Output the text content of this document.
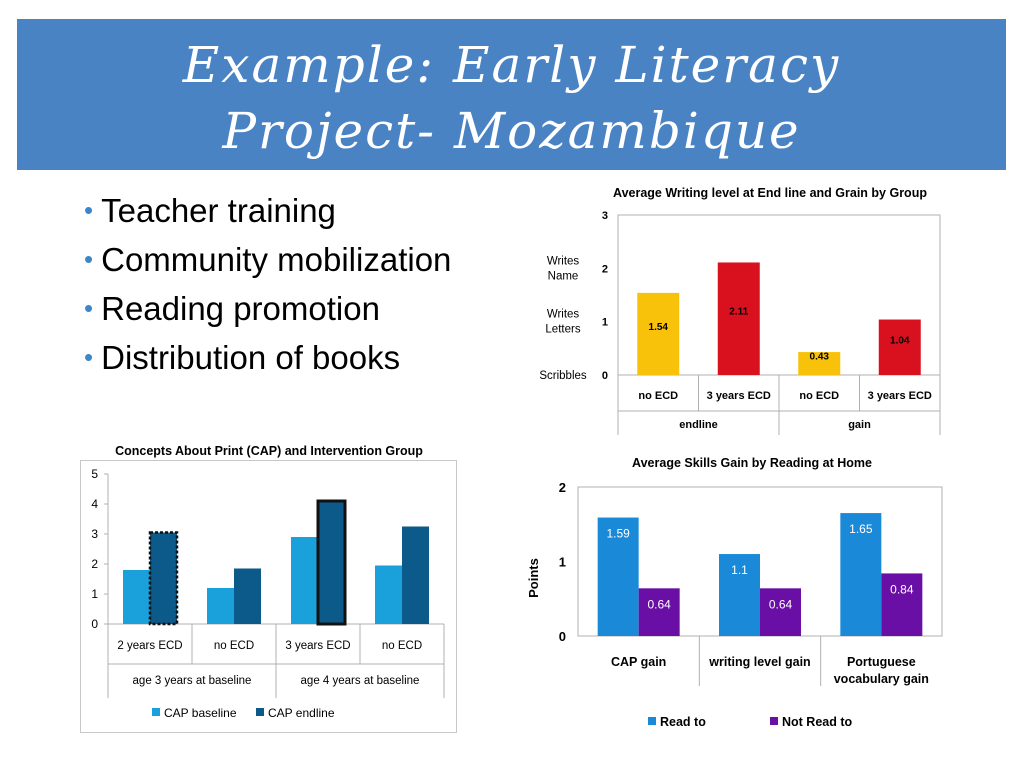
Example: Early Literacy
Project- Mozambique
• Teacher training
• Community mobilization
• Reading promotion
• Distribution of books
Average Writing level at End line and Grain by Group
0
1
2
3
Writes
Name
Writes
Letters
Scribbles
1.54
no ECD
2.11
3 years ECD
0.43
no ECD
1.04
3 years ECD
endline	gain
Concepts About Print (CAP) and Intervention Group
0
1
2
3
4
5
2 years ECD	no ECD	3 years ECD	no ECD
age 3 years at baseline	age 4 years at baseline
CAP baseline	CAP endline
Average Skills Gain by Reading at Home
0
1
2
Points
1.59
0.64
CAP gain
1.1
0.64
writing level gain
1.65
0.84
Portuguese
vocabulary gain
Read to	Not Read to
